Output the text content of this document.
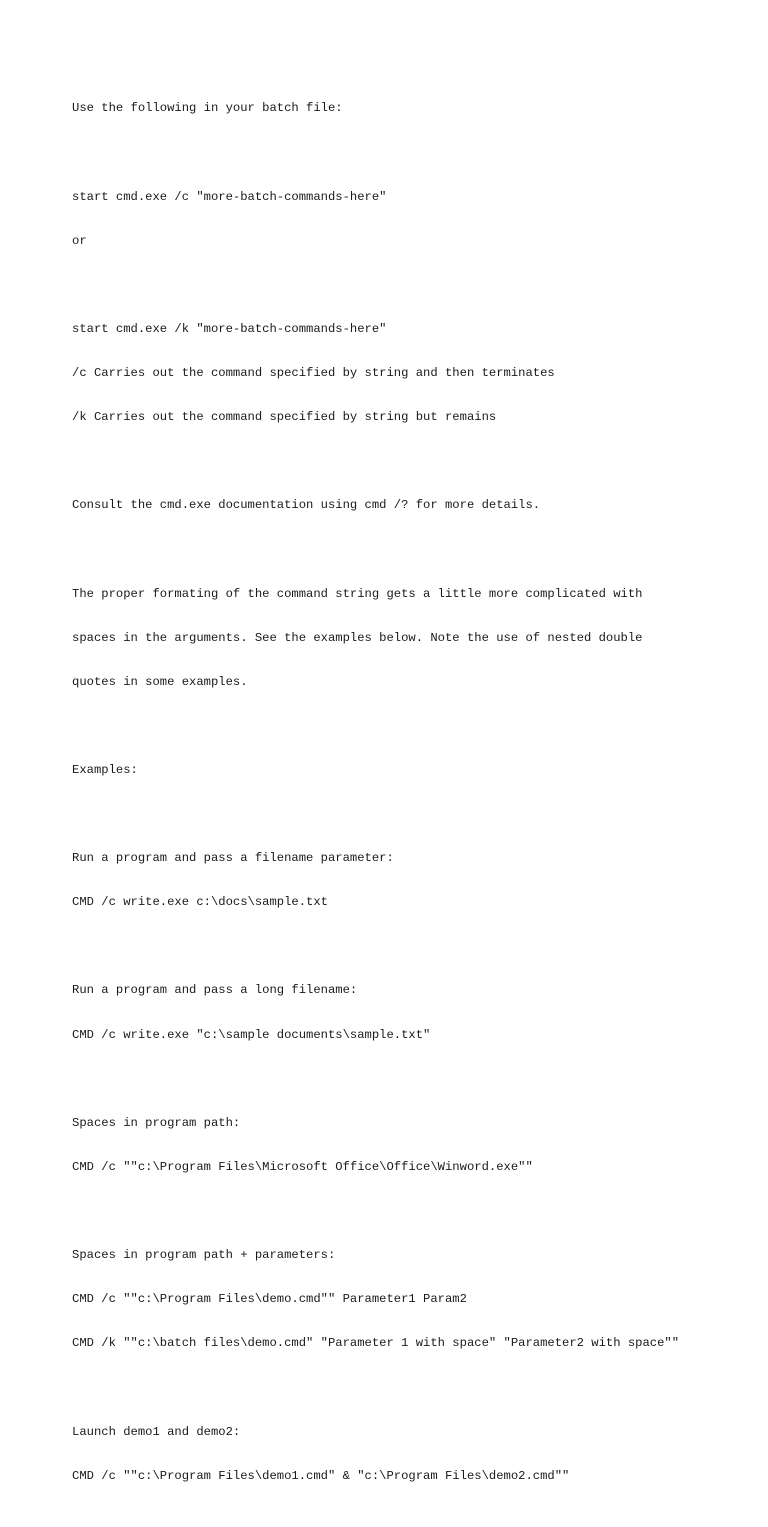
Use the following in your batch file:

start cmd.exe /c "more-batch-commands-here"

or

start cmd.exe /k "more-batch-commands-here"

/c Carries out the command specified by string and then terminates

/k Carries out the command specified by string but remains

Consult the cmd.exe documentation using cmd /? for more details.

The proper formating of the command string gets a little more complicated with

spaces in the arguments. See the examples below. Note the use of nested double

quotes in some examples.

Examples:

Run a program and pass a filename parameter:

CMD /c write.exe c:\docs\sample.txt

Run a program and pass a long filename:

CMD /c write.exe "c:\sample documents\sample.txt"

Spaces in program path:

CMD /c ""c:\Program Files\Microsoft Office\Office\Winword.exe""

Spaces in program path + parameters:

CMD /c ""c:\Program Files\demo.cmd"" Parameter1 Param2

CMD /k ""c:\batch files\demo.cmd" "Parameter 1 with space" "Parameter2 with space""

Launch demo1 and demo2:

CMD /c ""c:\Program Files\demo1.cmd" & "c:\Program Files\demo2.cmd""
